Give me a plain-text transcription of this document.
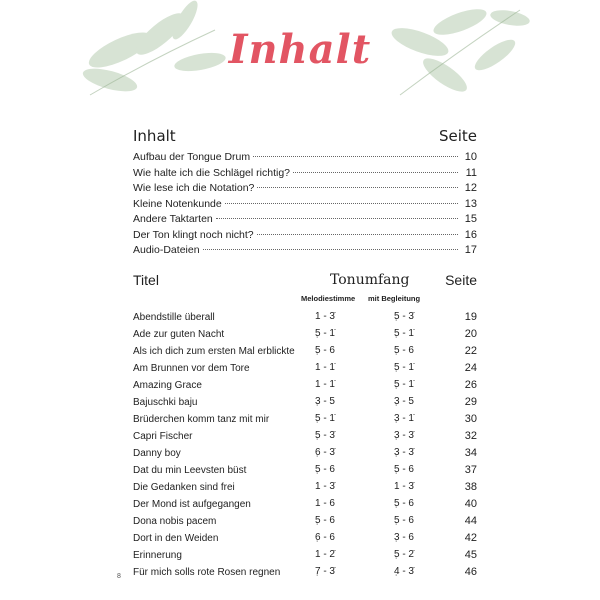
Inhalt
Inhalt	Seite
Aufbau der Tongue Drum	10
Wie halte ich die Schlägel richtig?	11
Wie lese ich die Notation?	12
Kleine Notenkunde	13
Andere Taktarten	15
Der Ton klingt noch nicht?	16
Audio-Dateien	17
Titel	Tonumfang	Seite
Melodiestimme mit Begleitung
Abendstille überall	1 - 3̇	5̣ - 3̇	19
Ade zur guten Nacht	5̣ - 1̇	5̣ - 1̇	20
Als ich dich zum ersten Mal erblickte	5̣ - 6	5̣ - 6	22
Am Brunnen vor dem Tore	1 - 1̇	5̣ - 1̇	24
Amazing Grace	1 - 1̇	5̣ - 1̇	26
Bajuschki baju	3̣ - 5	3̣ - 5	29
Brüderchen komm tanz mit mir	5̣ - 1̇	3̣ - 1̇	30
Capri Fischer	5̣ - 3̇	3̣ - 3̇	32
Danny boy	6̣ - 3̇	3̣ - 3̇	34
Dat du min Leevsten büst	5̣ - 6	5̣ - 6	37
Die Gedanken sind frei	1 - 3̇	1 - 3̇	38
Der Mond ist aufgegangen	1 - 6	5̣ - 6	40
Dona nobis pacem	5̣ - 6	5̣ - 6	44
Dort in den Weiden	6̣ - 6	3̣ - 6	42
Erinnerung	1 - 2̇	5̣ - 2̇	45
Für mich solls rote Rosen regnen	7̣ - 3̇	4̣ - 3̇	46
8
